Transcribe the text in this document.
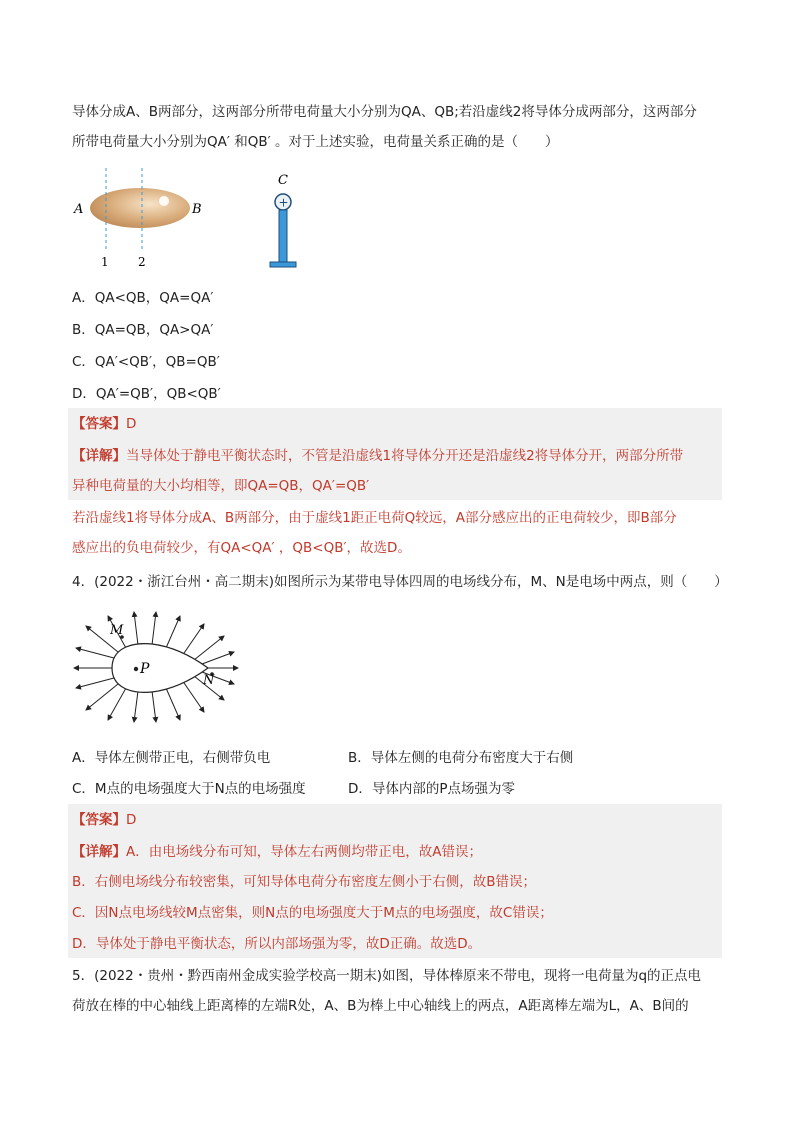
导体分成A、B两部分，这两部分所带电荷量大小分别为QA、QB;若沿虚线2将导体分成两部分，这两部分
所带电荷量大小分别为QA′ 和QB′ 。对于上述实验，电荷量关系正确的是（　　）
A	B
1 2
C
+
A．QA<QB，QA=QA′
B．QA=QB，QA>QA′
C．QA′<QB′，QB=QB′
D．QA′=QB′，QB<QB′
【答案】D
【详解】当导体处于静电平衡状态时，不管是沿虚线1将导体分开还是沿虚线2将导体分开，两部分所带
异种电荷量的大小均相等，即QA=QB，QA′=QB′
若沿虚线1将导体分成A、B两部分，由于虚线1距正电荷Q较远，A部分感应出的正电荷较少，即B部分
感应出的负电荷较少，有QA<QA′ ，QB<QB′，故选D。
4．(2022・浙江台州・高二期末)如图所示为某带电导体四周的电场线分布，M、N是电场中两点，则（　　）
P
M
N
A．导体左侧带正电，右侧带负电	B．导体左侧的电荷分布密度大于右侧
C．M点的电场强度大于N点的电场强度	D．导体内部的P点场强为零
【答案】D
【详解】A．由电场线分布可知，导体左右两侧均带正电，故A错误；
B．右侧电场线分布较密集，可知导体电荷分布密度左侧小于右侧，故B错误；
C．因N点电场线较M点密集，则N点的电场强度大于M点的电场强度，故C错误；
D．导体处于静电平衡状态，所以内部场强为零，故D正确。故选D。
5．(2022・贵州・黔西南州金成实验学校高一期末)如图，导体棒原来不带电，现将一电荷量为q的正点电
荷放在棒的中心轴线上距离棒的左端R处，A、B为棒上中心轴线上的两点，A距离棒左端为L，A、B间的
